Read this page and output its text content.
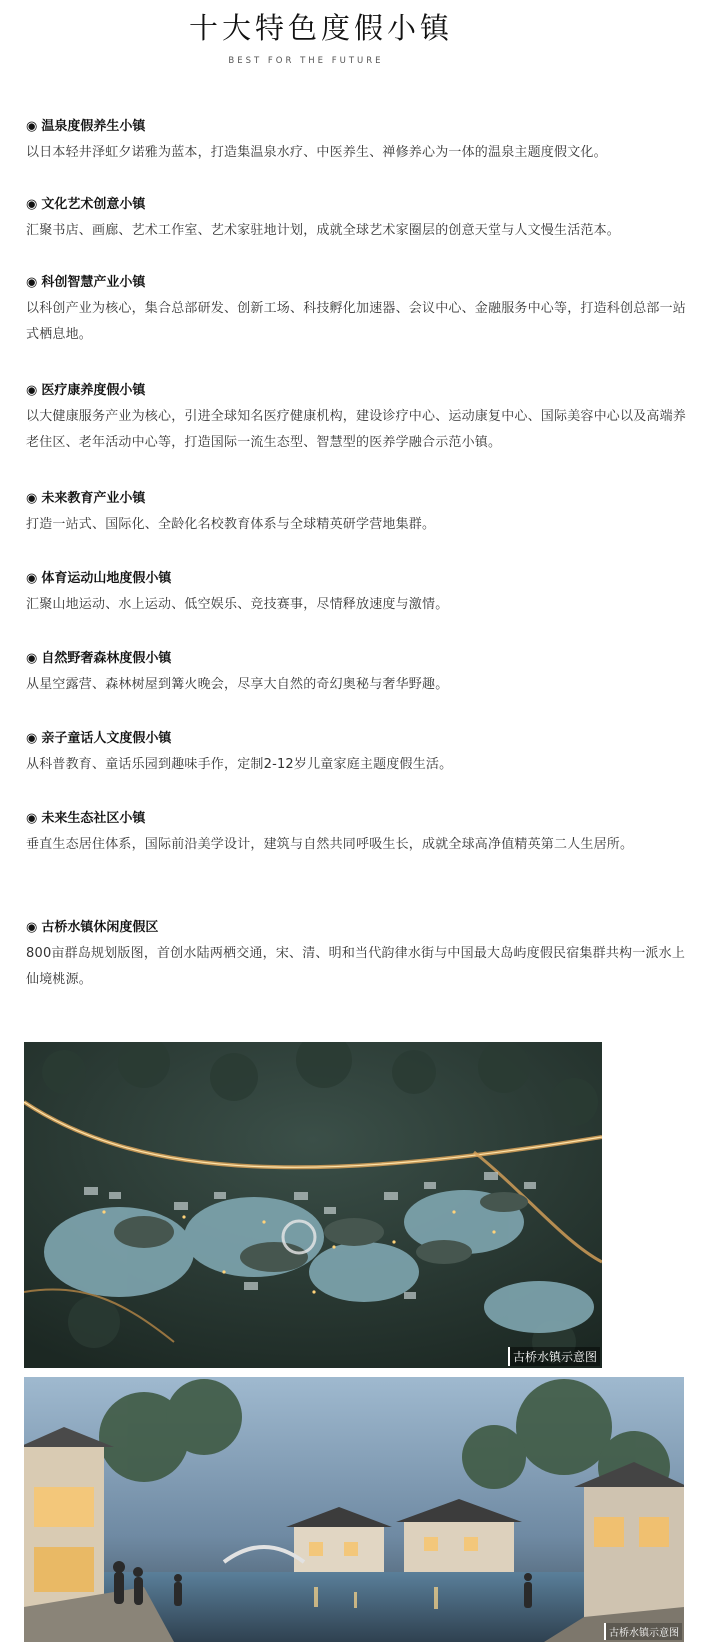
十大特色度假小镇
BEST FOR THE FUTURE
◉ 温泉度假养生小镇
以日本轻井泽虹夕诺雅为蓝本，打造集温泉水疗、中医养生、禅修养心为一体的温泉主题度假文化。
◉ 文化艺术创意小镇
汇聚书店、画廊、艺术工作室、艺术家驻地计划，成就全球艺术家圈层的创意天堂与人文慢生活范本。
◉ 科创智慧产业小镇
以科创产业为核心，集合总部研发、创新工场、科技孵化加速器、会议中心、金融服务中心等，打造科创总部一站式栖息地。
◉ 医疗康养度假小镇
以大健康服务产业为核心，引进全球知名医疗健康机构，建设诊疗中心、运动康复中心、国际美容中心以及高端养老住区、老年活动中心等，打造国际一流生态型、智慧型的医养学融合示范小镇。
◉ 未来教育产业小镇
打造一站式、国际化、全龄化名校教育体系与全球精英研学营地集群。
◉ 体育运动山地度假小镇
汇聚山地运动、水上运动、低空娱乐、竞技赛事，尽情释放速度与激情。
◉ 自然野奢森林度假小镇
从星空露营、森林树屋到篝火晚会，尽享大自然的奇幻奥秘与奢华野趣。
◉ 亲子童话人文度假小镇
从科普教育、童话乐园到趣味手作，定制2-12岁儿童家庭主题度假生活。
◉ 未来生态社区小镇
垂直生态居住体系，国际前沿美学设计，建筑与自然共同呼吸生长，成就全球高净值精英第二人生居所。
◉ 古桥水镇休闲度假区
800亩群岛规划版图，首创水陆两栖交通，宋、清、明和当代韵律水街与中国最大岛屿度假民宿集群共构一派水上仙境桃源。
古桥水镇示意图
古桥水镇示意图
